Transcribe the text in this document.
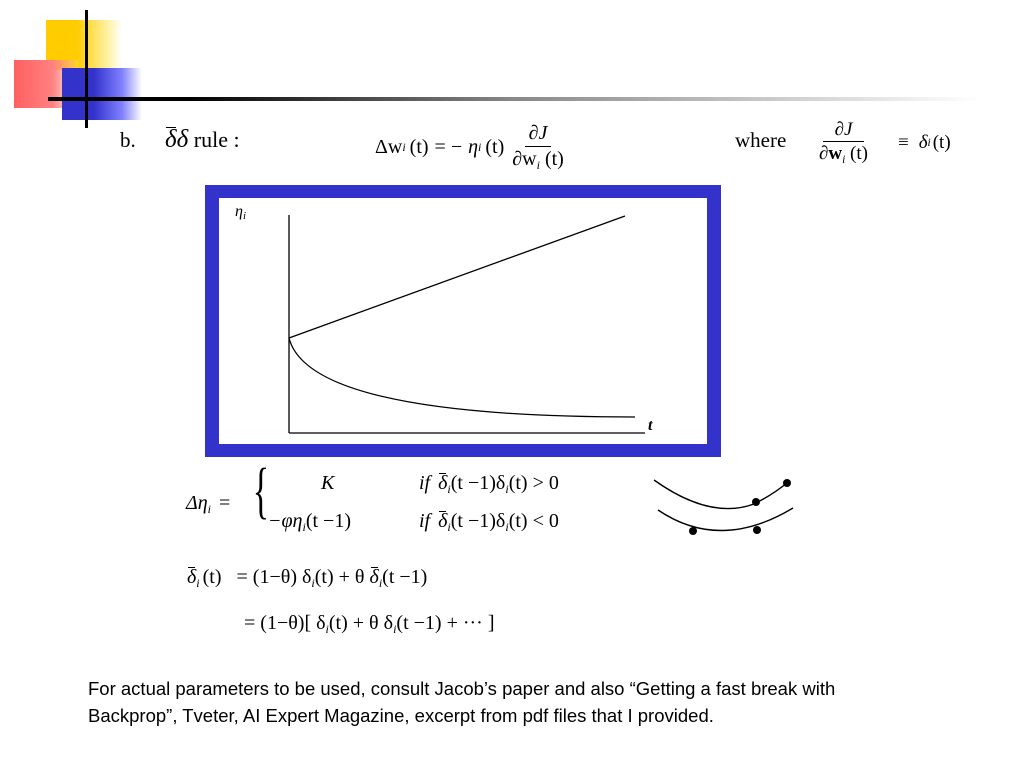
b. δδ rule :	Δw i (t) = − η i $(t) \frac{\partial J}{\partial w_i (t)}$	where $\frac{\partial J}{\partial w_i (t)} \equiv \delta$ i (t)
ηi
t
$\Delta\eta_i$ = {	K	if $\delta_i(t -1)\delta_i(t) > 0$
$-\varphi\eta_i(t -1)$	if $\delta_i(t -1)\delta_i(t) < 0$
$\delta_i$ (t) = (1−θ) $\delta_i(t) + \theta$ $\delta_i(t -1)$
= (1−θ)[ $\delta_i(t) + \theta$ $\delta_i(t -1)$ + ··· ]
For actual parameters to be used, consult Jacob’s paper and also “Getting a fast break with Backprop”, Tveter, AI Expert Magazine, excerpt from pdf files that I provided.
